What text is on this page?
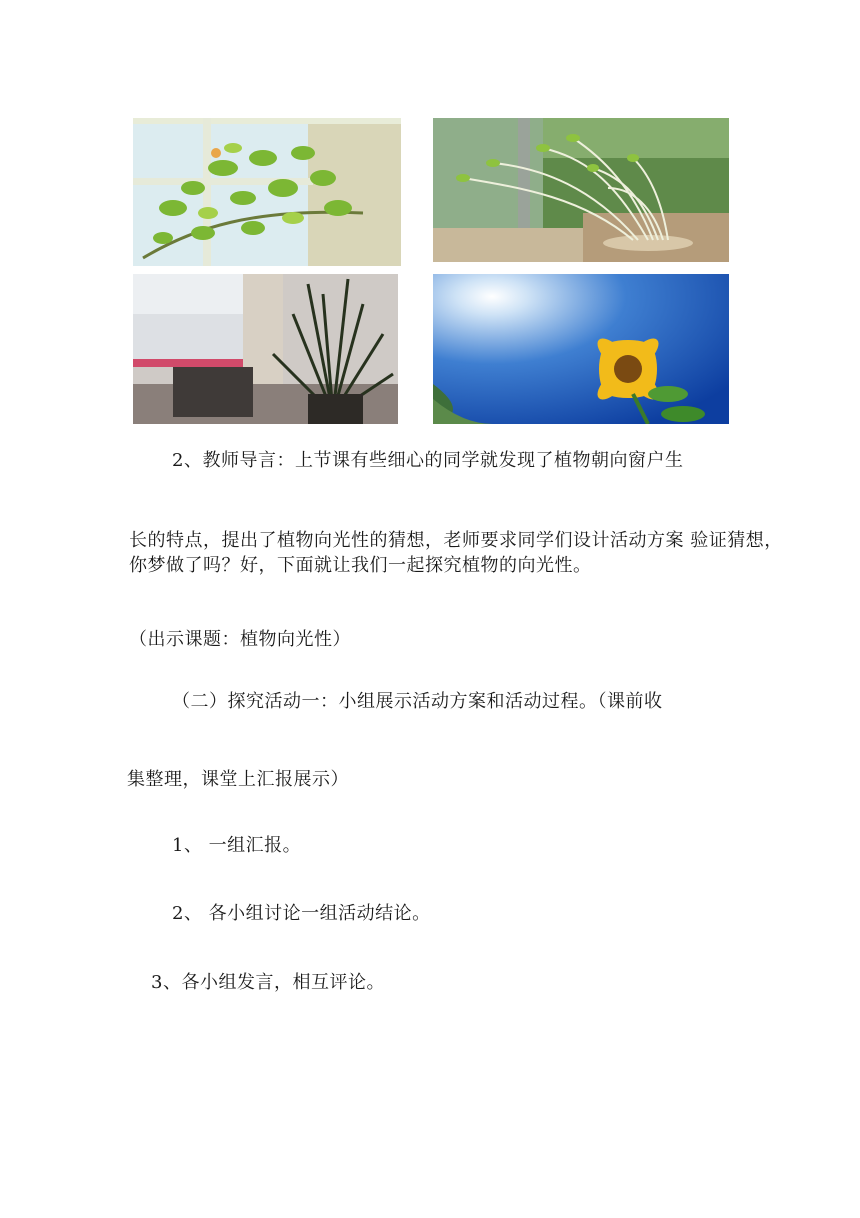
2、教师导言：上节课有些细心的同学就发现了植物朝向窗户生
长的特点，提出了植物向光性的猜想，老师要求同学们设计活动方案 验证猜想，
你梦做了吗？好，下面就让我们一起探究植物的向光性。
（出示课题：植物向光性）
（二）探究活动一：小组展示活动方案和活动过程。（课前收
集整理，课堂上汇报展示）
1、 一组汇报。
2、 各小组讨论一组活动结论。
3、各小组发言，相互评论。
